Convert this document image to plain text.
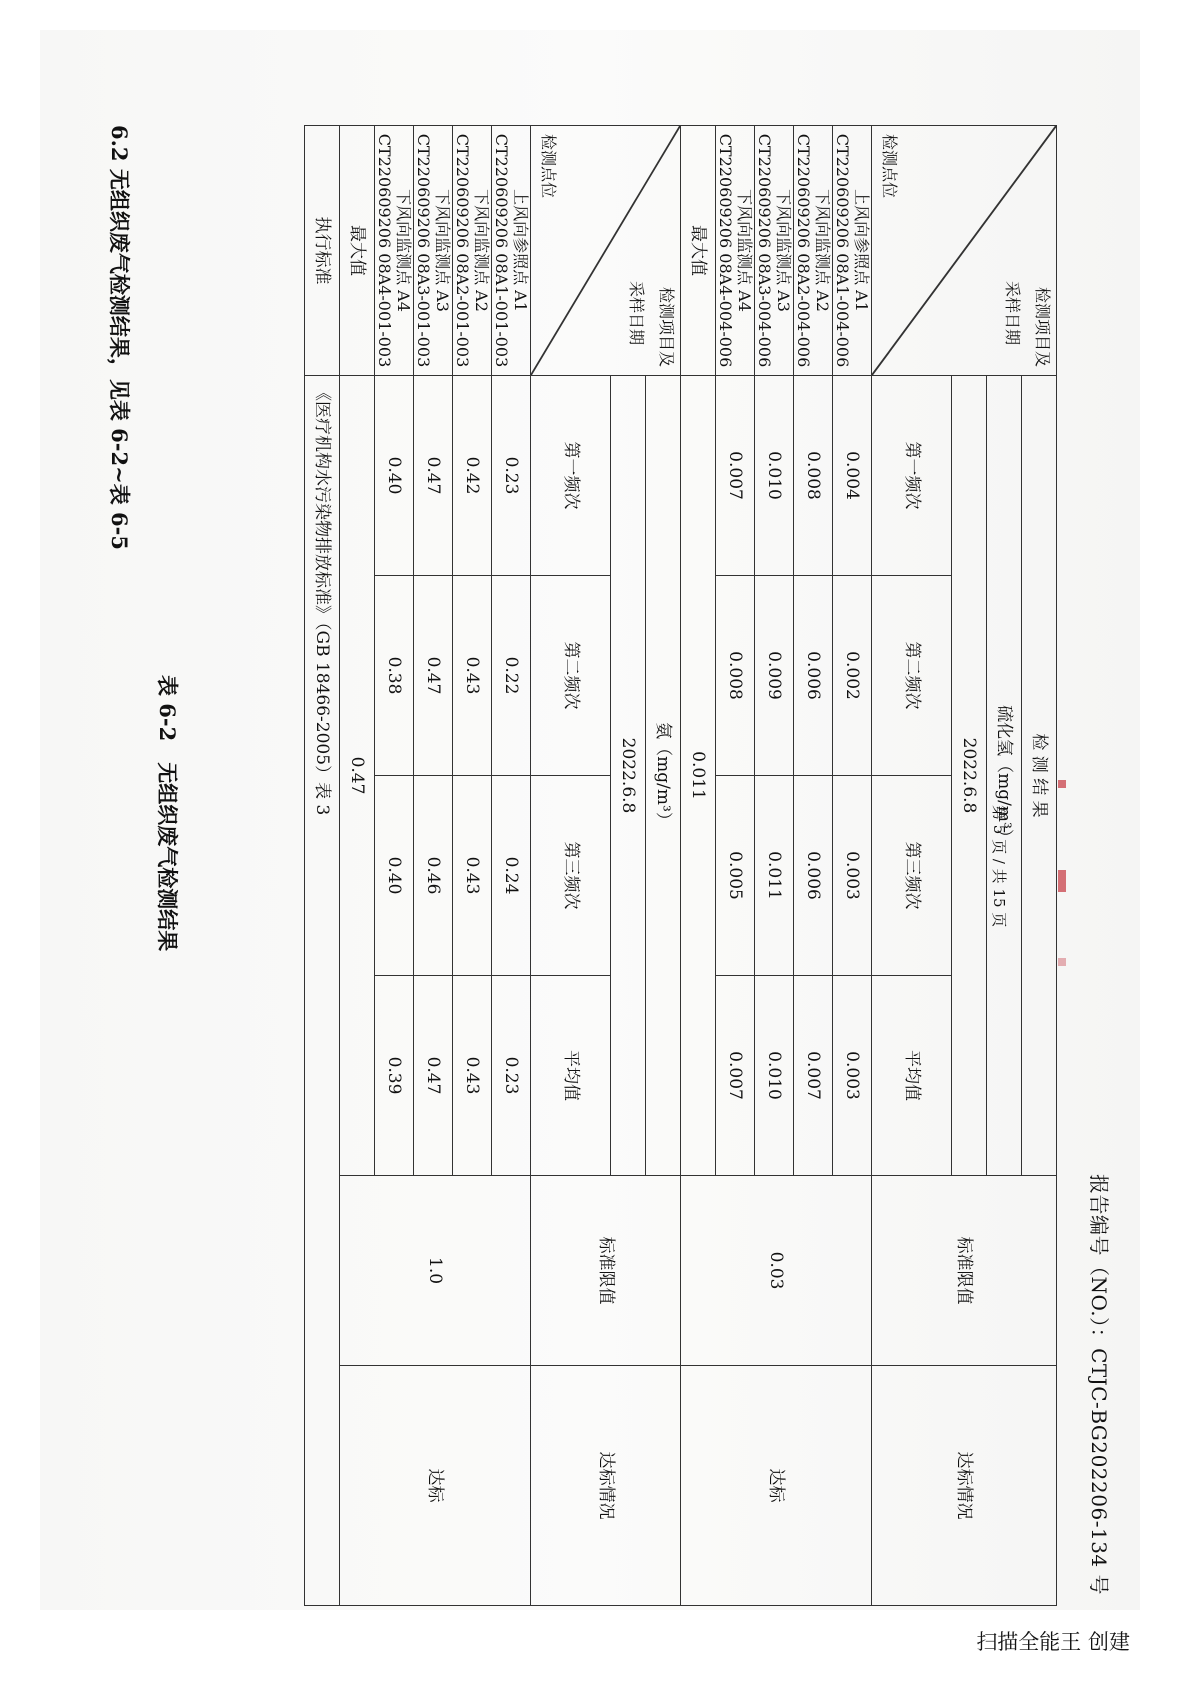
报告编号（NO.）：CTJC-BG202206-134 号
检测项目及
采样日期
检测点位	检 测 结 果				标准限值	达标情况
	硫化氢（mg/m³）					
	2022.6.8					
	第一频次	第二频次	第三频次	平均值		

上风向参照点 A1
CT220609206 08A1-004-006	0.004	0.002	0.003	0.003	0.03	达标

下风向监测点 A2
CT220609206 08A2-004-006	0.008	0.006	0.006	0.007		

下风向监测点 A3
CT220609206 08A3-004-006	0.010	0.009	0.011	0.010		

下风向监测点 A4
CT220609206 08A4-004-006	0.007	0.008	0.005	0.007		
最大值	0.011					

检测项目及
采样日期
检测点位	氨（mg/m³）				标准限值	达标情况
	2022.6.8					
	第一频次	第二频次	第三频次	平均值		

上风向参照点 A1
CT220609206 08A1-001-003	0.23	0.22	0.24	0.23	1.0	达标

下风向监测点 A2
CT220609206 08A2-001-003	0.42	0.43	0.43	0.43		

下风向监测点 A3
CT220609206 08A3-001-003	0.47	0.47	0.46	0.47		

下风向监测点 A4
CT220609206 08A4-001-003	0.40	0.38	0.40	0.39		
最大值	0.47					
执行标准	《医疗机构水污染物排放标准》（GB 18466-2005）表 3					
表 6-2　无组织废气检测结果
6.2 无组织废气检测结果，见表 6-2~表 6-5
第 5 页 / 共 15 页
扫描全能王 创建
